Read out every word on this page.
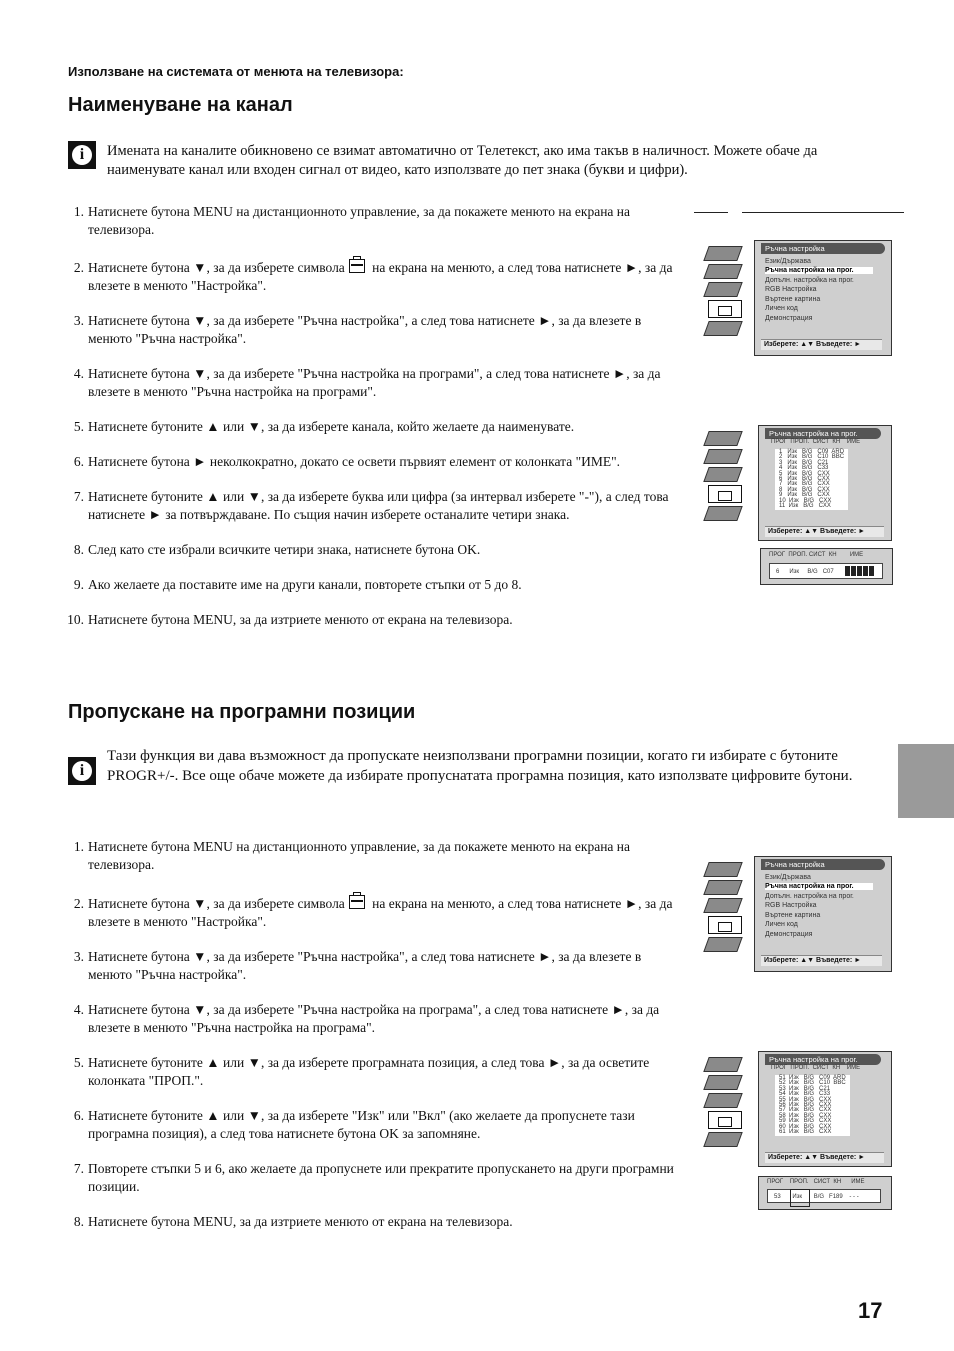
Използване на системата от менюта на телевизора:
Наименуване на канал
i	Имената на каналите обикновено се взимат автоматично от Телетекст, ако има такъв в наличност. Можете обаче да наименувате канал или входен сигнал от видео, като използвате до пет знака (букви и цифри).
1. Натиснете бутона MENU на дистанционното управление, за да покажете менюто на екрана на телевизора.
2. Натиснете бутона ▼, за да изберете символа на екрана на менюто, а след това натиснете ►, за да влезете в менюто "Настройка".
3. Натиснете бутона ▼, за да изберете "Ръчна настройка", а след това натиснете ►, за да влезете в менюто "Ръчна настройка".
4. Натиснете бутона ▼, за да изберете "Ръчна настройка на програми", а след това натиснете ►, за да влезете в менюто "Ръчна настройка на програми".
5. Натиснете бутоните ▲ или ▼, за да изберете канала, който желаете да наименувате.
6. Натиснете бутона ► неколкократно, докато се освети първият елемент от колонката "ИМЕ".
7. Натиснете бутоните ▲ или ▼, за да изберете буква или цифра (за интервал изберете "-"), а след това натиснете ► за потвърждаване. По същия начин изберете останалите четири знака.
8. След като сте избрали всичките четири знака, натиснете бутона OK.
9. Ако желаете да поставите име на други канали, повторете стъпки от 5 до 8.
10. Натиснете бутона MENU, за да изтриете менюто от екрана на телевизора.
Ръчна настройка
Език/Държава
Ръчна настройка на прог.
Допълн. настройка на прог.
RGB Настройка
Въртене картина
Личен код
Демонстрация
Изберете: ▲▼ Въведете: ►
Ръчна настройка на прог.
ПРОГ  ПРОП.  СИСТ  КН    ИМЕ
1   Изк   B/G   C09  ARD
2   Изк   B/G   C10  BBC
3   Изк   B/G   C21
4   Изк   B/G   C33
5   Изк   B/G   CXX
6   Изк   B/G   CXX
7   Изк   B/G   CXX
8   Изк   B/G   CXX
9   Изк   B/G   CXX
10  Изк   B/G   CXX
11  Изк   B/G   CXX
Изберете: ▲▼ Въведете: ►
ПРОГ  ПРОП. СИСТ  КН        ИМЕ
6      Изк     B/G   C07
Пропускане на програмни позиции
i
Тази функция ви дава възможност да пропускате неизползвани програмни позиции, когато ги избирате с бутоните PROGR+/-. Все още обаче можете да избирате пропуснатата програмна позиция, като използвате цифровите бутони.
1. Натиснете бутона MENU на дистанционното управление, за да покажете менюто на екрана на телевизора.
2. Натиснете бутона ▼, за да изберете символа на екрана на менюто, а след това натиснете ►, за да влезете в менюто "Настройка".
3. Натиснете бутона ▼, за да изберете "Ръчна настройка", а след това натиснете ►, за да влезете в менюто "Ръчна настройка".
4. Натиснете бутона ▼, за да изберете "Ръчна настройка на програма", а след това натиснете ►, за да влезете в менюто "Ръчна настройка на програма".
5. Натиснете бутоните ▲ или ▼, за да изберете програмната позиция, а след това ►, за да осветите колонката "ПРОП.".
6. Натиснете бутоните ▲ или ▼, за да изберете "Изк" или "Вкл" (ако желаете да пропуснете тази програмна позиция), а след това натиснете бутона OK за запомняне.
7. Повторете стъпки 5 и 6, ако желаете да пропуснете или прекратите пропускането на други програмни позиции.
8. Натиснете бутона MENU, за да изтриете менюто от екрана на телевизора.
Ръчна настройка
Език/Държава
Ръчна настройка на прог.
Допълн. настройка на прог.
RGB Настройка
Въртене картина
Личен код
Демонстрация
Изберете: ▲▼ Въведете: ►
Ръчна настройка на прог.
ПРОГ  ПРОП.  СИСТ  КН    ИМЕ
51  Изк   B/G   C09  ARD
52  Изк   B/G   C10  BBC
53  Изк   B/G   C21
54  Изк   B/G   C33
55  Изк   B/G   CXX
56  Изк   B/G   CXX
57  Изк   B/G   CXX
58  Изк   B/G   CXX
59  Изк   B/G   CXX
60  Изк   B/G   CXX
61  Изк   B/G   CXX
Изберете: ▲▼ Въведете: ►
ПРОГ    ПРОП.   СИСТ  КН      ИМЕ
53       Изк       B/G   F189    - - -
17
